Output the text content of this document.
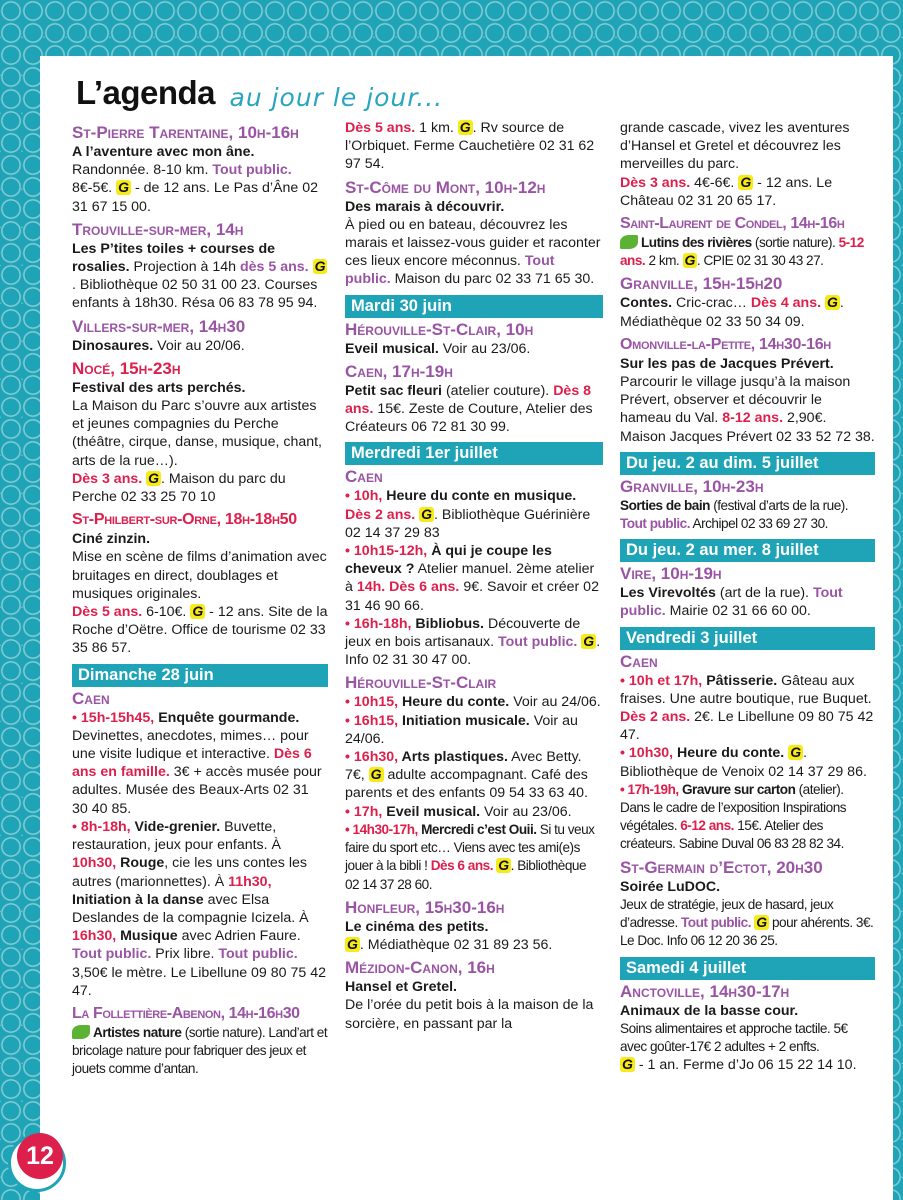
L’agenda au jour le jour...
St-Pierre Tarentaine, 10h-16h

A l’aventure avec mon âne.

Randonnée. 8-10 km. Tout public. 8€-5€. G - de 12 ans. Le Pas d’Âne 02 31 67 15 00.

Trouville-sur-mer, 14h

Les P’tites toiles + courses de rosalies. Projection à 14h dès 5 ans. G. Bibliothèque 02 50 31 00 23. Courses enfants à 18h30. Résa 06 83 78 95 94.

Villers-sur-mer, 14h30

Dinosaures. Voir au 20/06.

Nocé, 15h-23h

Festival des arts perchés.

La Maison du Parc s’ouvre aux artistes et jeunes compagnies du Perche (théâtre, cirque, danse, musique, chant, arts de la rue…).

Dès 3 ans. G . Maison du parc du Perche 02 33 25 70 10

St-Philbert-sur-Orne, 18h-18h50

Ciné zinzin.

Mise en scène de films d’animation avec bruitages en direct, doublages et musiques originales.

Dès 5 ans. 6-10€. G - 12 ans. Site de la Roche d’Oëtre. Office de tourisme 02 33 35 86 57.

Dimanche 28 juin
Caen

• 15h-15h45, Enquête gourmande. Devinettes, anecdotes, mimes… pour une visite ludique et interactive. Dès 6 ans en famille. 3€ + accès musée pour adultes. Musée des Beaux-Arts 02 31 30 40 85.

• 8h-18h, Vide-grenier. Buvette, restauration, jeux pour enfants. À 10h30, Rouge, cie les uns contes les autres (marionnettes). À 11h30, Initiation à la danse avec Elsa Deslandes de la compagnie Icizela. À 16h30, Musique avec Adrien Faure. Tout public. Prix libre. Tout public. 3,50€ le mètre. Le Libellune 09 80 75 42 47.

La Follettière-Abenon, 14h-16h30

Artistes nature (sortie nature). Land’art et bricolage nature pour fabriquer des jeux et jouets comme d’antan.

Dès 5 ans. 1 km. G . Rv source de l’Orbiquet. Ferme Cauchetière 02 31 62 97 54.

St-Côme du Mont, 10h-12h

Des marais à découvrir.

À pied ou en bateau, découvrez les marais et laissez-vous guider et raconter ces lieux encore méconnus. Tout public. Maison du parc 02 33 71 65 30.

Mardi 30 juin
Hérouville-St-Clair, 10h

Eveil musical. Voir au 23/06.

Caen, 17h-19h

Petit sac fleuri (atelier couture). Dès 8 ans. 15€. Zeste de Couture, Atelier des Créateurs 06 72 81 30 99.

Merdredi 1er juillet
Caen

• 10h, Heure du conte en musique. Dès 2 ans. G . Bibliothèque Guérinière 02 14 37 29 83

• 10h15-12h, À qui je coupe les cheveux ? Atelier manuel. 2ème atelier à 14h. Dès 6 ans. 9€. Savoir et créer 02 31 46 90 66.

• 16h-18h, Bibliobus. Découverte de jeux en bois artisanaux. Tout public. G . Info 02 31 30 47 00.

Hérouville-St-Clair

• 10h15, Heure du conte. Voir au 24/06.

• 16h15, Initiation musicale. Voir au 24/06.

• 16h30, Arts plastiques. Avec Betty. 7€, G adulte accompagnant. Café des parents et des enfants 09 54 33 63 40.

• 17h, Eveil musical. Voir au 23/06.

• 14h30-17h, Mercredi c’est Ouii. Si tu veux faire du sport etc… Viens avec tes ami(e)s jouer à la bibli ! Dès 6 ans. G . Bibliothèque 02 14 37 28 60.

Honfleur, 15h30-16h

Le cinéma des petits.

G . Médiathèque 02 31 89 23 56.

Mézidon-Canon, 16h

Hansel et Gretel.

De l’orée du petit bois à la maison de la sorcière, en passant par la

grande cascade, vivez les aventures d’Hansel et Gretel et découvrez les merveilles du parc.

Dès 3 ans. 4€-6€. G - 12 ans. Le Château 02 31 20 65 17.

Saint-Laurent de Condel, 14h-16h

Lutins des rivières (sortie nature). 5-12 ans. 2 km. G . CPIE 02 31 30 43 27.

Granville, 15h-15h20

Contes. Cric-crac… Dès 4 ans. G . Médiathèque 02 33 50 34 09.

Omonville-la-Petite, 14h30-16h

Sur les pas de Jacques Prévert. Parcourir le village jusqu’à la maison Prévert, observer et découvrir le hameau du Val. 8-12 ans. 2,90€. Maison Jacques Prévert 02 33 52 72 38.

Du jeu. 2 au dim. 5 juillet
Granville, 10h-23h

Sorties de bain (festival d’arts de la rue). Tout public. Archipel 02 33 69 27 30.

Du jeu. 2 au mer. 8 juillet
Vire, 10h-19h

Les Virevoltés (art de la rue). Tout public. Mairie 02 31 66 60 00.

Vendredi 3 juillet
Caen

• 10h et 17h, Pâtisserie. Gâteau aux fraises. Une autre boutique, rue Buquet. Dès 2 ans. 2€. Le Libellune 09 80 75 42 47.

• 10h30, Heure du conte. G . Bibliothèque de Venoix 02 14 37 29 86.

• 17h-19h, Gravure sur carton (atelier). Dans le cadre de l’exposition Inspirations végétales. 6-12 ans. 15€. Atelier des créateurs. Sabine Duval 06 83 28 82 34.

St-Germain d’Ectot, 20h30

Soirée LuDOC.

Jeux de stratégie, jeux de hasard, jeux d’adresse. Tout public. G pour ahérents. 3€. Le Doc. Info 06 12 20 36 25.

Samedi 4 juillet
Anctoville, 14h30-17h

Animaux de la basse cour.

Soins alimentaires et approche tactile. 5€ avec goûter-17€ 2 adultes + 2 enfts.

G - 1 an. Ferme d’Jo 06 15 22 14 10.

12
